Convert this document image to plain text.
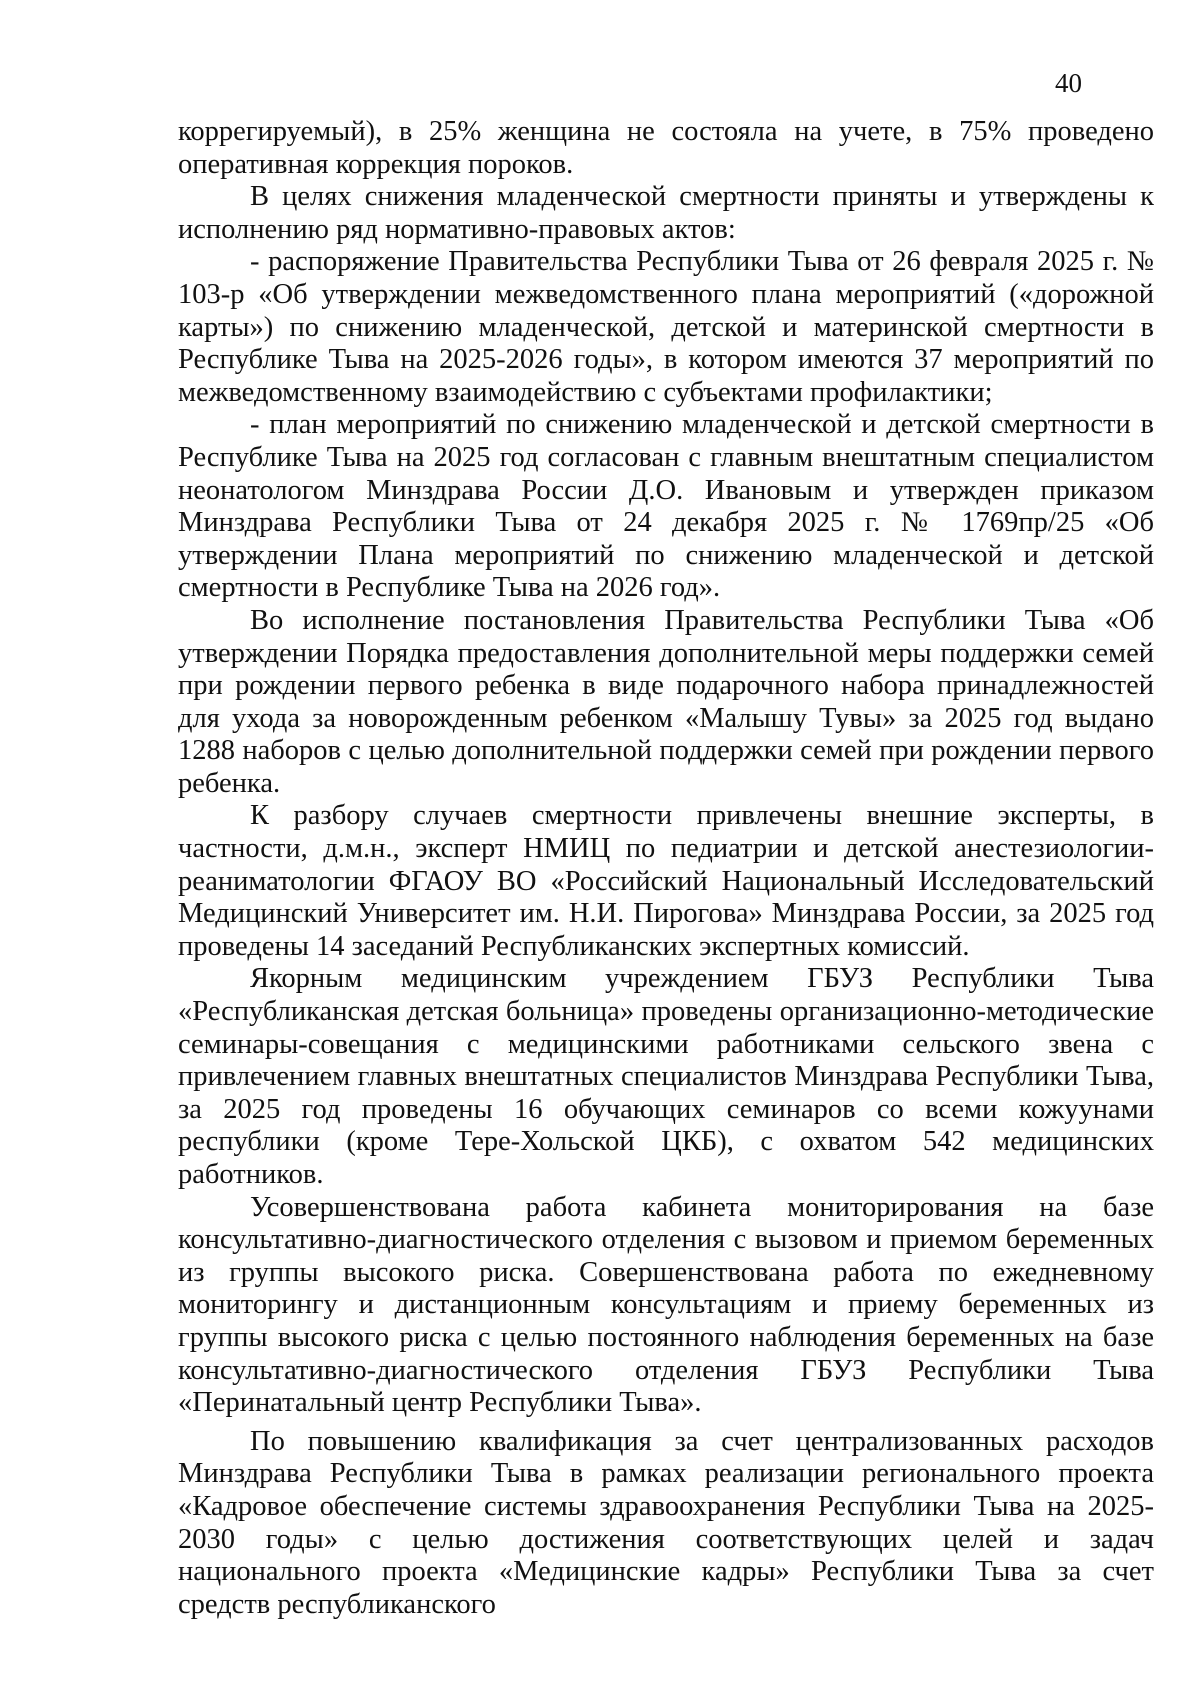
40

коррегируемый), в 25% женщина не состояла на учете, в 75% проведено оперативная коррекция пороков.

В целях снижения младенческой смертности приняты и утверждены к исполнению ряд нормативно-правовых актов:

- распоряжение Правительства Республики Тыва от 26 февраля 2025 г. № 103-р «Об утверждении межведомственного плана мероприятий («дорожной карты») по снижению младенческой, детской и материнской смертности в Республике Тыва на 2025-2026 годы», в котором имеются 37 мероприятий по межведомственному взаимодействию с субъектами профилактики;

- план мероприятий по снижению младенческой и детской смертности в Республике Тыва на 2025 год согласован с главным внештатным специалистом неонатологом Минздрава России Д.О. Ивановым и утвержден приказом Минздрава Республики Тыва от 24 декабря 2025 г. № 1769пр/25 «Об утверждении Плана мероприятий по снижению младенческой и детской смертности в Республике Тыва на 2026 год».

Во исполнение постановления Правительства Республики Тыва «Об утверждении Порядка предоставления дополнительной меры поддержки семей при рождении первого ребенка в виде подарочного набора принадлежностей для ухода за новорожденным ребенком «Малышу Тувы» за 2025 год выдано 1288 наборов с целью дополнительной поддержки семей при рождении первого ребенка.

К разбору случаев смертности привлечены внешние эксперты, в частности, д.м.н., эксперт НМИЦ по педиатрии и детской анестезиологии-реаниматологии ФГАОУ ВО «Российский Национальный Исследовательский Медицинский Университет им. Н.И. Пирогова» Минздрава России, за 2025 год проведены 14 заседаний Республиканских экспертных комиссий.

Якорным медицинским учреждением ГБУЗ Республики Тыва «Республиканская детская больница» проведены организационно-методические семинары-совещания с медицинскими работниками сельского звена с привлечением главных внештатных специалистов Минздрава Республики Тыва, за 2025 год проведены 16 обучающих семинаров со всеми кожуунами республики (кроме Тере-Хольской ЦКБ), с охватом 542 медицинских работников.

Усовершенствована работа кабинета мониторирования на базе консультативно-диагностического отделения с вызовом и приемом беременных из группы высокого риска. Совершенствована работа по ежедневному мониторингу и дистанционным консультациям и приему беременных из группы высокого риска с целью постоянного наблюдения беременных на базе консультативно-диагностического отделения ГБУЗ Республики Тыва «Перинатальный центр Республики Тыва».

По повышению квалификация за счет централизованных расходов Минздрава Республики Тыва в рамках реализации регионального проекта «Кадровое обеспечение системы здравоохранения Республики Тыва на 2025-2030 годы» с целью достижения соответствующих целей и задач национального проекта «Медицинские кадры» Республики Тыва за счет средств республиканского
